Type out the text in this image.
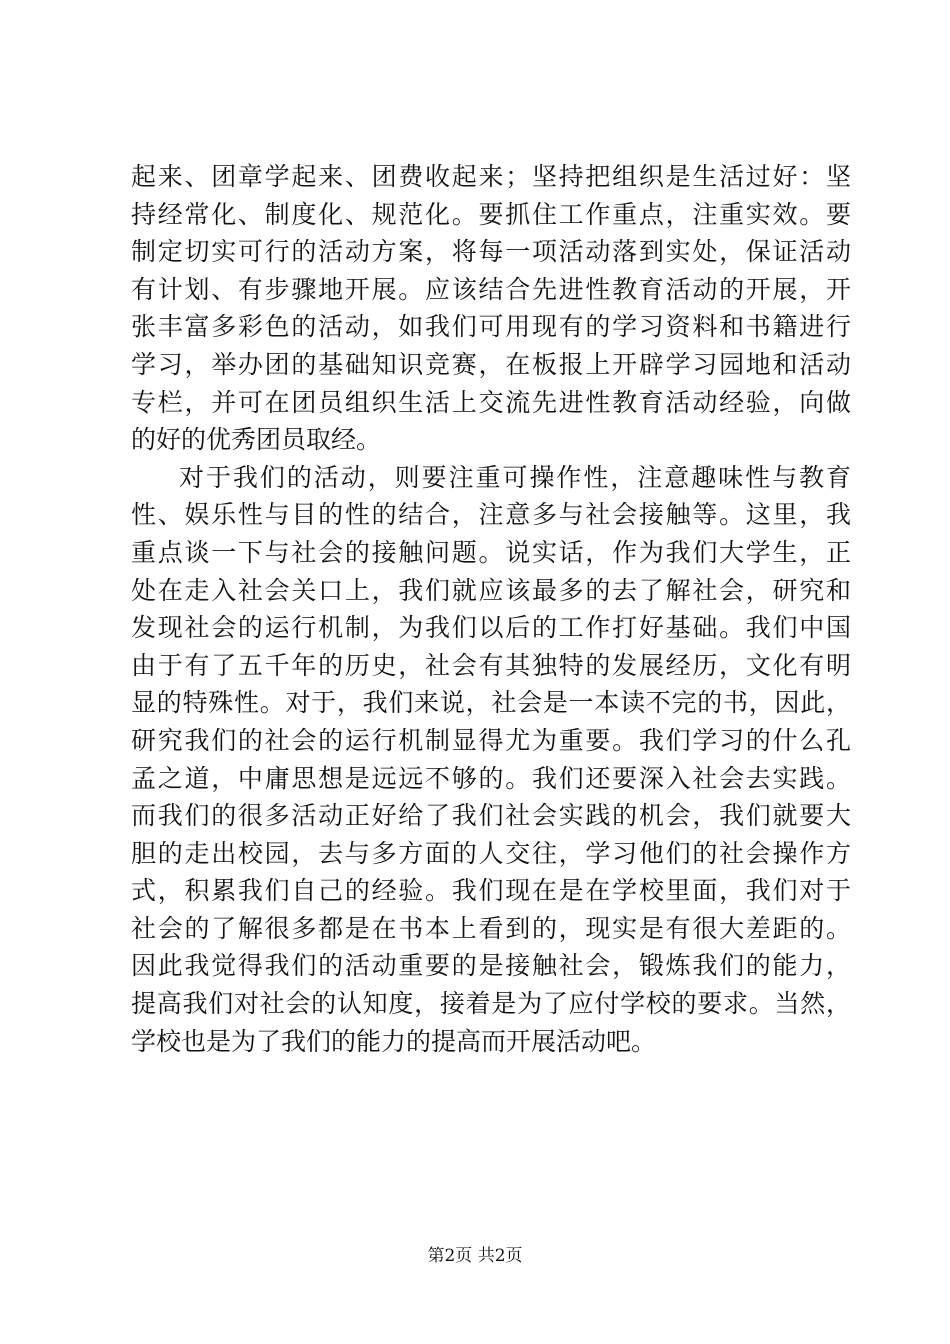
起来、团章学起来、团费收起来；坚持把组织是生活过好：坚
持经常化、制度化、规范化。要抓住工作重点，注重实效。要
制定切实可行的活动方案，将每一项活动落到实处，保证活动
有计划、有步骤地开展。应该结合先进性教育活动的开展，开
张丰富多彩色的活动，如我们可用现有的学习资料和书籍进行
学习，举办团的基础知识竞赛，在板报上开辟学习园地和活动
专栏，并可在团员组织生活上交流先进性教育活动经验，向做
的好的优秀团员取经。
对于我们的活动，则要注重可操作性，注意趣味性与教育
性、娱乐性与目的性的结合，注意多与社会接触等。这里，我
重点谈一下与社会的接触问题。说实话，作为我们大学生，正
处在走入社会关口上，我们就应该最多的去了解社会，研究和
发现社会的运行机制，为我们以后的工作打好基础。我们中国
由于有了五千年的历史，社会有其独特的发展经历，文化有明
显的特殊性。对于，我们来说，社会是一本读不完的书，因此，
研究我们的社会的运行机制显得尤为重要。我们学习的什么孔
孟之道，中庸思想是远远不够的。我们还要深入社会去实践。
而我们的很多活动正好给了我们社会实践的机会，我们就要大
胆的走出校园，去与多方面的人交往，学习他们的社会操作方
式，积累我们自己的经验。我们现在是在学校里面，我们对于
社会的了解很多都是在书本上看到的，现实是有很大差距的。
因此我觉得我们的活动重要的是接触社会，锻炼我们的能力，
提高我们对社会的认知度，接着是为了应付学校的要求。当然，
学校也是为了我们的能力的提高而开展活动吧。
第2页 共2页
